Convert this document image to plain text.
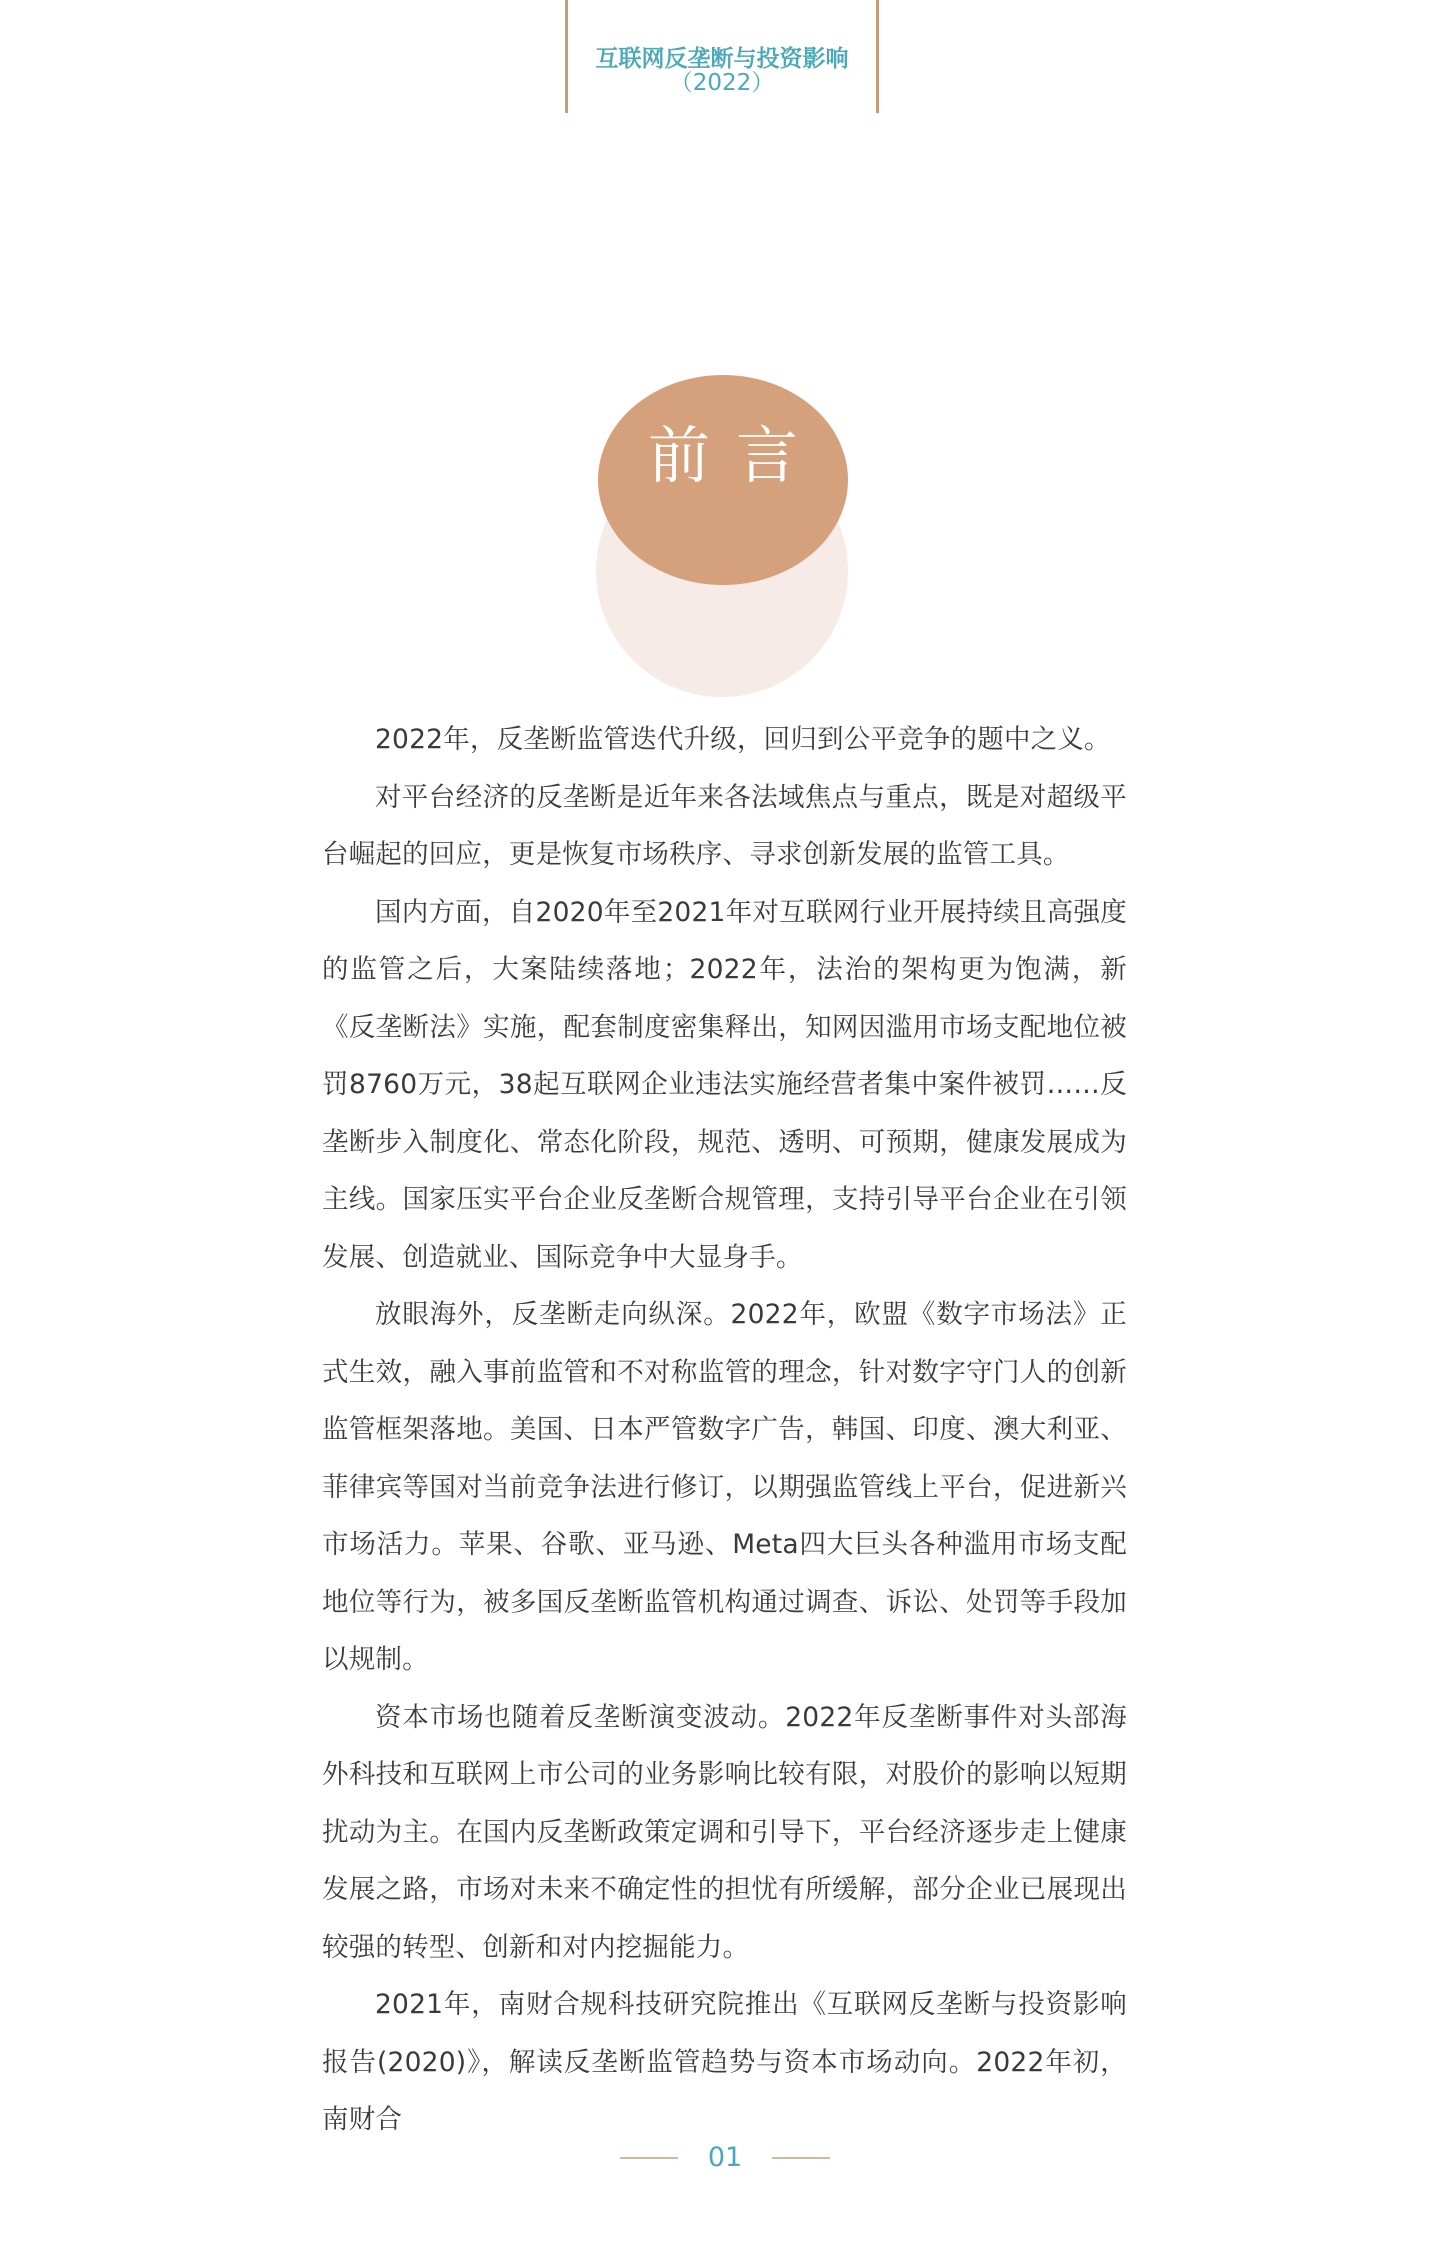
互联网反垄断与投资影响
（2022）
前言

2022年，反垄断监管迭代升级，回归到公平竞争的题中之义。

对平台经济的反垄断是近年来各法域焦点与重点，既是对超级平台崛起的回应，更是恢复市场秩序、寻求创新发展的监管工具。

国内方面，自2020年至2021年对互联网行业开展持续且高强度的监管之后，大案陆续落地；2022年，法治的架构更为饱满，新《反垄断法》实施，配套制度密集释出，知网因滥用市场支配地位被罚8760万元，38起互联网企业违法实施经营者集中案件被罚……反垄断步入制度化、常态化阶段，规范、透明、可预期，健康发展成为主线。国家压实平台企业反垄断合规管理，支持引导平台企业在引领发展、创造就业、国际竞争中大显身手。

放眼海外，反垄断走向纵深。2022年，欧盟《数字市场法》正式生效，融入事前监管和不对称监管的理念，针对数字守门人的创新监管框架落地。美国、日本严管数字广告，韩国、印度、澳大利亚、菲律宾等国对当前竞争法进行修订，以期强监管线上平台，促进新兴市场活力。苹果、谷歌、亚马逊、Meta四大巨头各种滥用市场支配地位等行为，被多国反垄断监管机构通过调查、诉讼、处罚等手段加以规制。

资本市场也随着反垄断演变波动。2022年反垄断事件对头部海外科技和互联网上市公司的业务影响比较有限，对股价的影响以短期扰动为主。在国内反垄断政策定调和引导下，平台经济逐步走上健康发展之路，市场对未来不确定性的担忧有所缓解，部分企业已展现出较强的转型、创新和对内挖掘能力。

2021年，南财合规科技研究院推出《互联网反垄断与投资影响报告(2020)》，解读反垄断监管趋势与资本市场动向。2022年初，南财合

01
